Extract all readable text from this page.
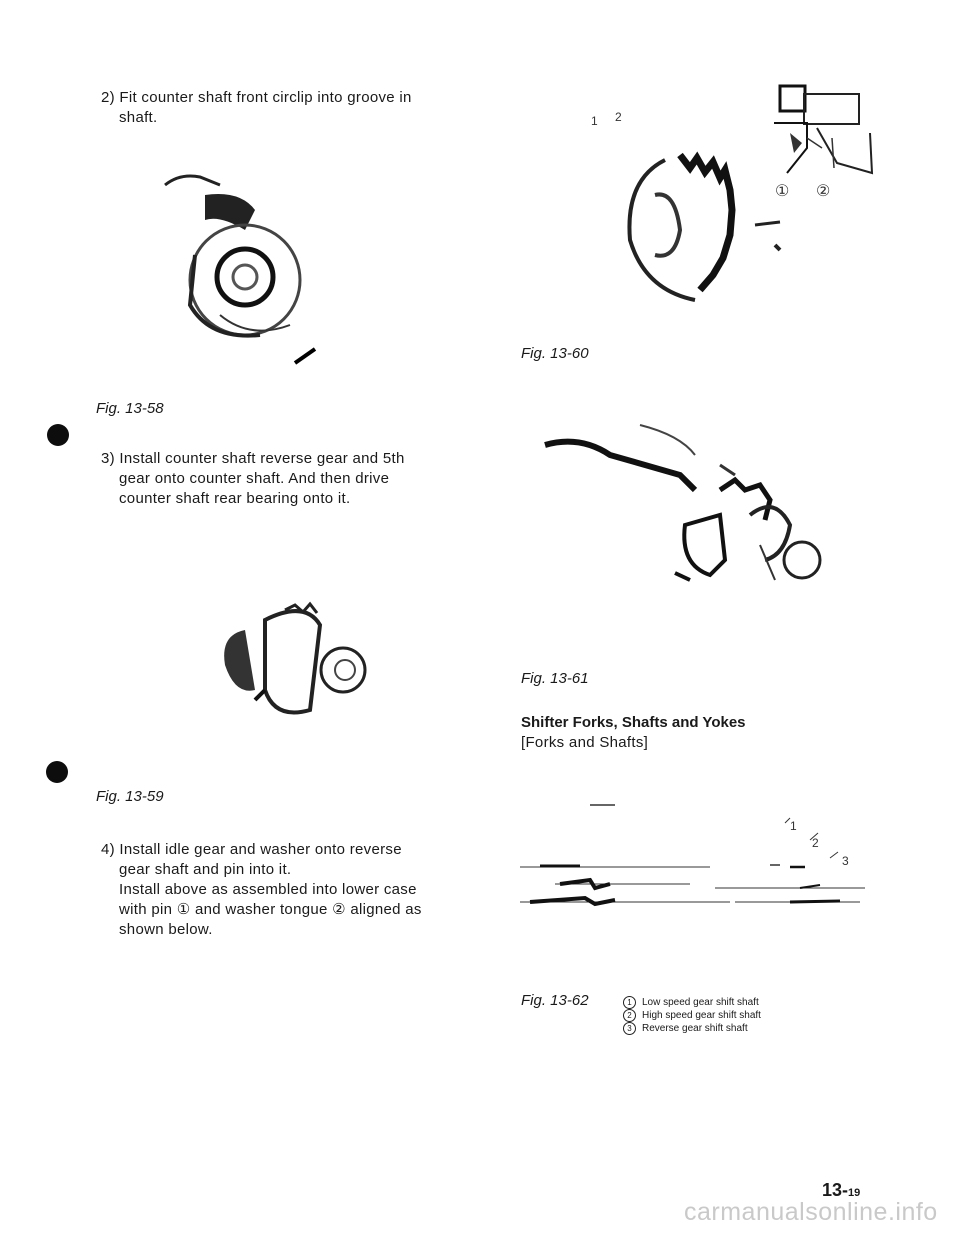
2) Fit counter shaft front circlip into groove in

shaft.

Fig. 13-58

3) Install counter shaft reverse gear and 5th

gear onto counter shaft. And then drive

counter shaft rear bearing onto it.

Fig. 13-59

4) Install idle gear and washer onto reverse

gear shaft and pin into it.

Install above as assembled into lower case

with pin ① and washer tongue ② aligned as

shown below.

1 2
① ②
Fig. 13-60
Fig. 13-61
Shifter Forks, Shafts and Yokes
[Forks and Shafts]
1
2
3
Fig. 13-62	1 Low speed gear shift shaft
2 High speed gear shift shaft
3 Reverse gear shift shaft
13-19
carmanualsonline.info
